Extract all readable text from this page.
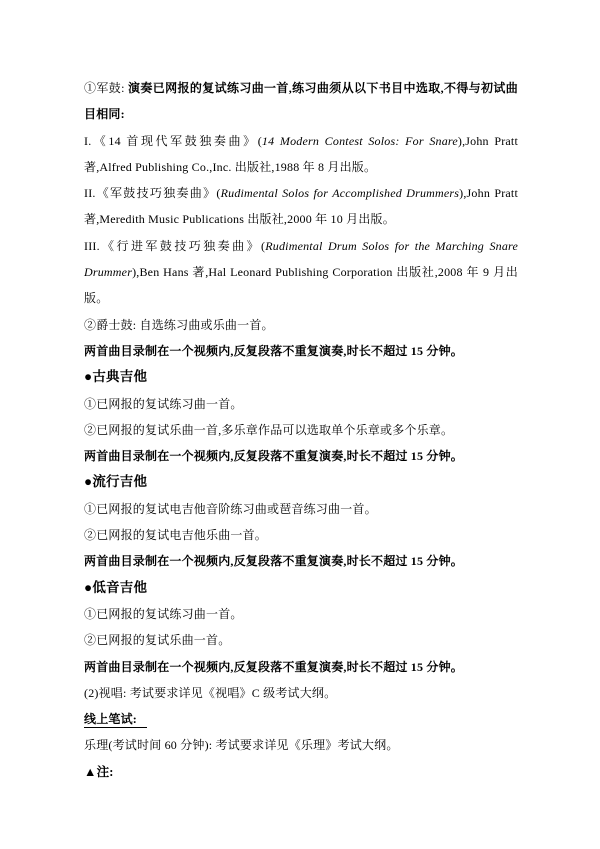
①军鼓: 演奏已网报的复试练习曲一首,练习曲须从以下书目中选取,不得与初试曲目相同:

I.《14 首现代军鼓独奏曲》(14 Modern Contest Solos: For Snare),John Pratt 著,Alfred Publishing Co.,Inc. 出版社,1988 年 8 月出版。

II.《军鼓技巧独奏曲》(Rudimental Solos for Accomplished Drummers),John Pratt 著,Meredith Music Publications 出版社,2000 年 10 月出版。

III.《行进军鼓技巧独奏曲》(Rudimental Drum Solos for the Marching Snare Drummer),Ben Hans 著,Hal Leonard Publishing Corporation 出版社,2008 年 9 月出版。

②爵士鼓: 自选练习曲或乐曲一首。

两首曲目录制在一个视频内,反复段落不重复演奏,时长不超过 15 分钟。

●古典吉他

①已网报的复试练习曲一首。

②已网报的复试乐曲一首,多乐章作品可以选取单个乐章或多个乐章。

两首曲目录制在一个视频内,反复段落不重复演奏,时长不超过 15 分钟。

●流行吉他

①已网报的复试电吉他音阶练习曲或琶音练习曲一首。

②已网报的复试电吉他乐曲一首。

两首曲目录制在一个视频内,反复段落不重复演奏,时长不超过 15 分钟。

●低音吉他

①已网报的复试练习曲一首。

②已网报的复试乐曲一首。

两首曲目录制在一个视频内,反复段落不重复演奏,时长不超过 15 分钟。

(2)视唱: 考试要求详见《视唱》C 级考试大纲。

线上笔试:

乐理(考试时间 60 分钟): 考试要求详见《乐理》考试大纲。

▲注:
